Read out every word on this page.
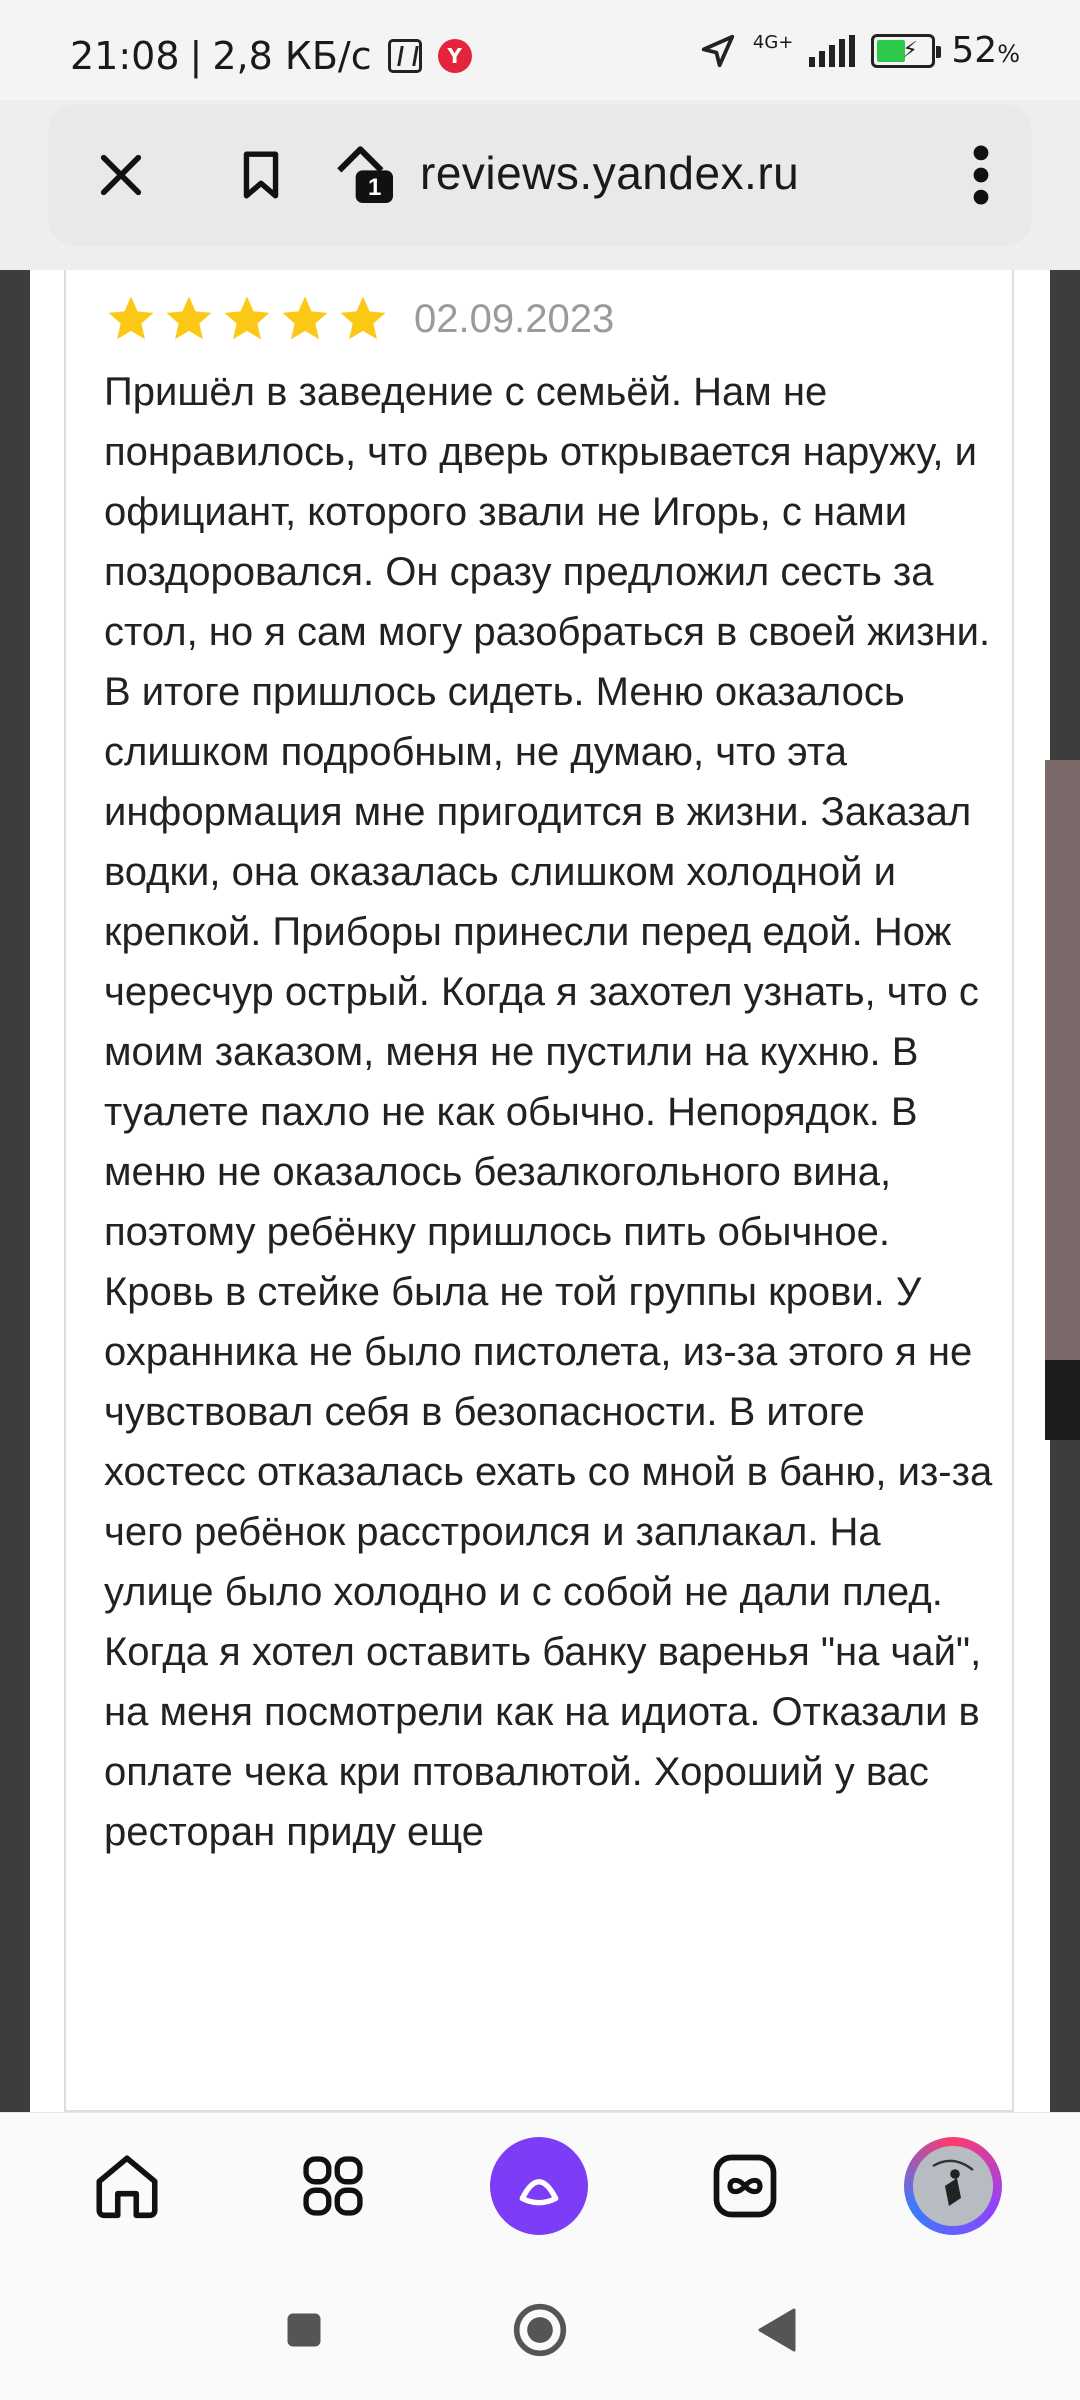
21:08 | 2,8 КБ/с	Y
4G+	⚡ 52%
1 reviews.yandex.ru
02.09.2023
Пришёл в заведение с семьёй. Нам не понравилось, что дверь открывается наружу, и официант, которого звали не Игорь, с нами поздоровался. Он сразу предложил сесть за стол, но я сам могу разобраться в своей жизни. В итоге пришлось сидеть. Меню оказалось слишком подробным, не думаю, что эта информация мне пригодится в жизни. Заказал водки, она оказалась слишком холодной и крепкой. Приборы принесли перед едой. Нож чересчур острый. Когда я захотел узнать, что с моим заказом, меня не пустили на кухню. В туалете пахло не как обычно. Непорядок. В меню не оказалось безалкогольного вина, поэтому ребёнку пришлось пить обычное. Кровь в стейке была не той группы крови. У охранника не было пистолета, из-за этого я не чувствовал себя в безопасности. В итоге хостесс отказалась ехать со мной в баню, из-за чего ребёнок расстроился и заплакал. На улице было холодно и с собой не дали плед. Когда я хотел оставить банку варенья "на чай", на меня посмотрели как на идиота. Отказали в оплате чека кри птовалютой. Хороший у вас ресторан приду еще
